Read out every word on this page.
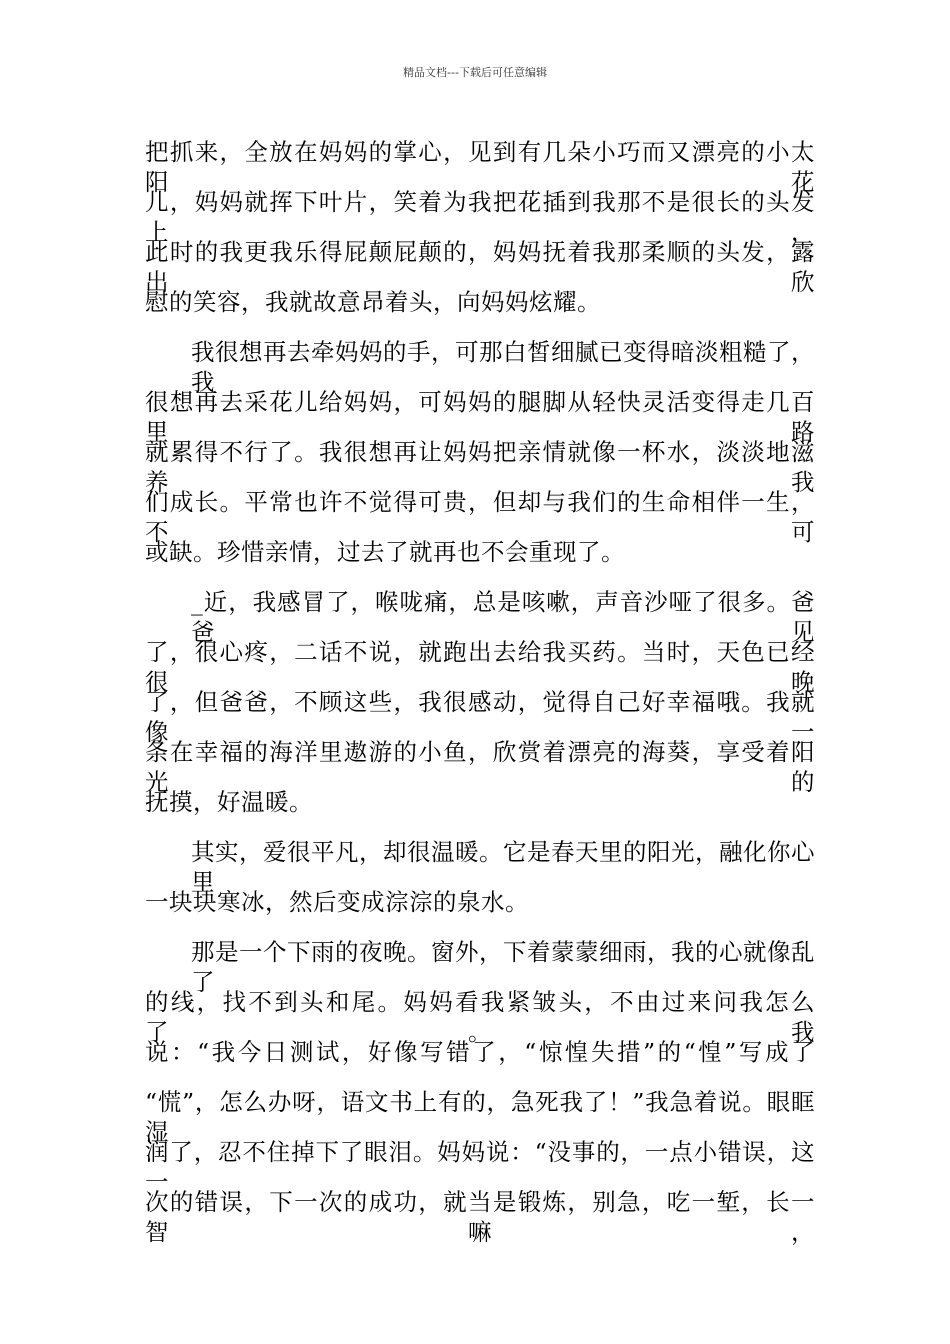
精品文档---下载后可任意编辑
把抓来，全放在妈妈的掌心，见到有几朵小巧而又漂亮的小太阳花
儿，妈妈就挥下叶片，笑着为我把花插到我那不是很长的头发上，
此时的我更我乐得屁颠屁颠的，妈妈抚着我那柔顺的头发，露出欣
慰的笑容，我就故意昂着头，向妈妈炫耀。
我很想再去牵妈妈的手，可那白皙细腻已变得暗淡粗糙了，我
很想再去采花儿给妈妈，可妈妈的腿脚从轻快灵活变得走几百里路
就累得不行了。我很想再让妈妈把亲情就像一杯水，淡淡地滋养我
们成长。平常也许不觉得可贵，但却与我们的生命相伴一生，不可
或缺。珍惜亲情，过去了就再也不会重现了。
_近，我感冒了，喉咙痛，总是咳嗽，声音沙哑了很多。爸爸见
了，很心疼，二话不说，就跑出去给我买药。当时，天色已经很晚
了，但爸爸，不顾这些，我很感动，觉得自己好幸福哦。我就像一
条在幸福的海洋里遨游的小鱼，欣赏着漂亮的海葵，享受着阳光的
抚摸，好温暖。
其实，爱很平凡，却很温暖。它是春天里的阳光，融化你心里
一块块寒冰，然后变成淙淙的泉水。
那是一个下雨的夜晚。窗外，下着蒙蒙细雨，我的心就像乱了
的线，找不到头和尾。妈妈看我紧皱头，不由过来问我怎么了。我
说：“我今日测试，好像写错了，“惊惶失措”的“惶”写成了
“慌”，怎么办呀，语文书上有的，急死我了！”我急着说。眼眶湿
润了，忍不住掉下了眼泪。妈妈说：“没事的，一点小错误，这一
次的错误，下一次的成功，就当是锻炼，别急，吃一堑，长一智嘛，
